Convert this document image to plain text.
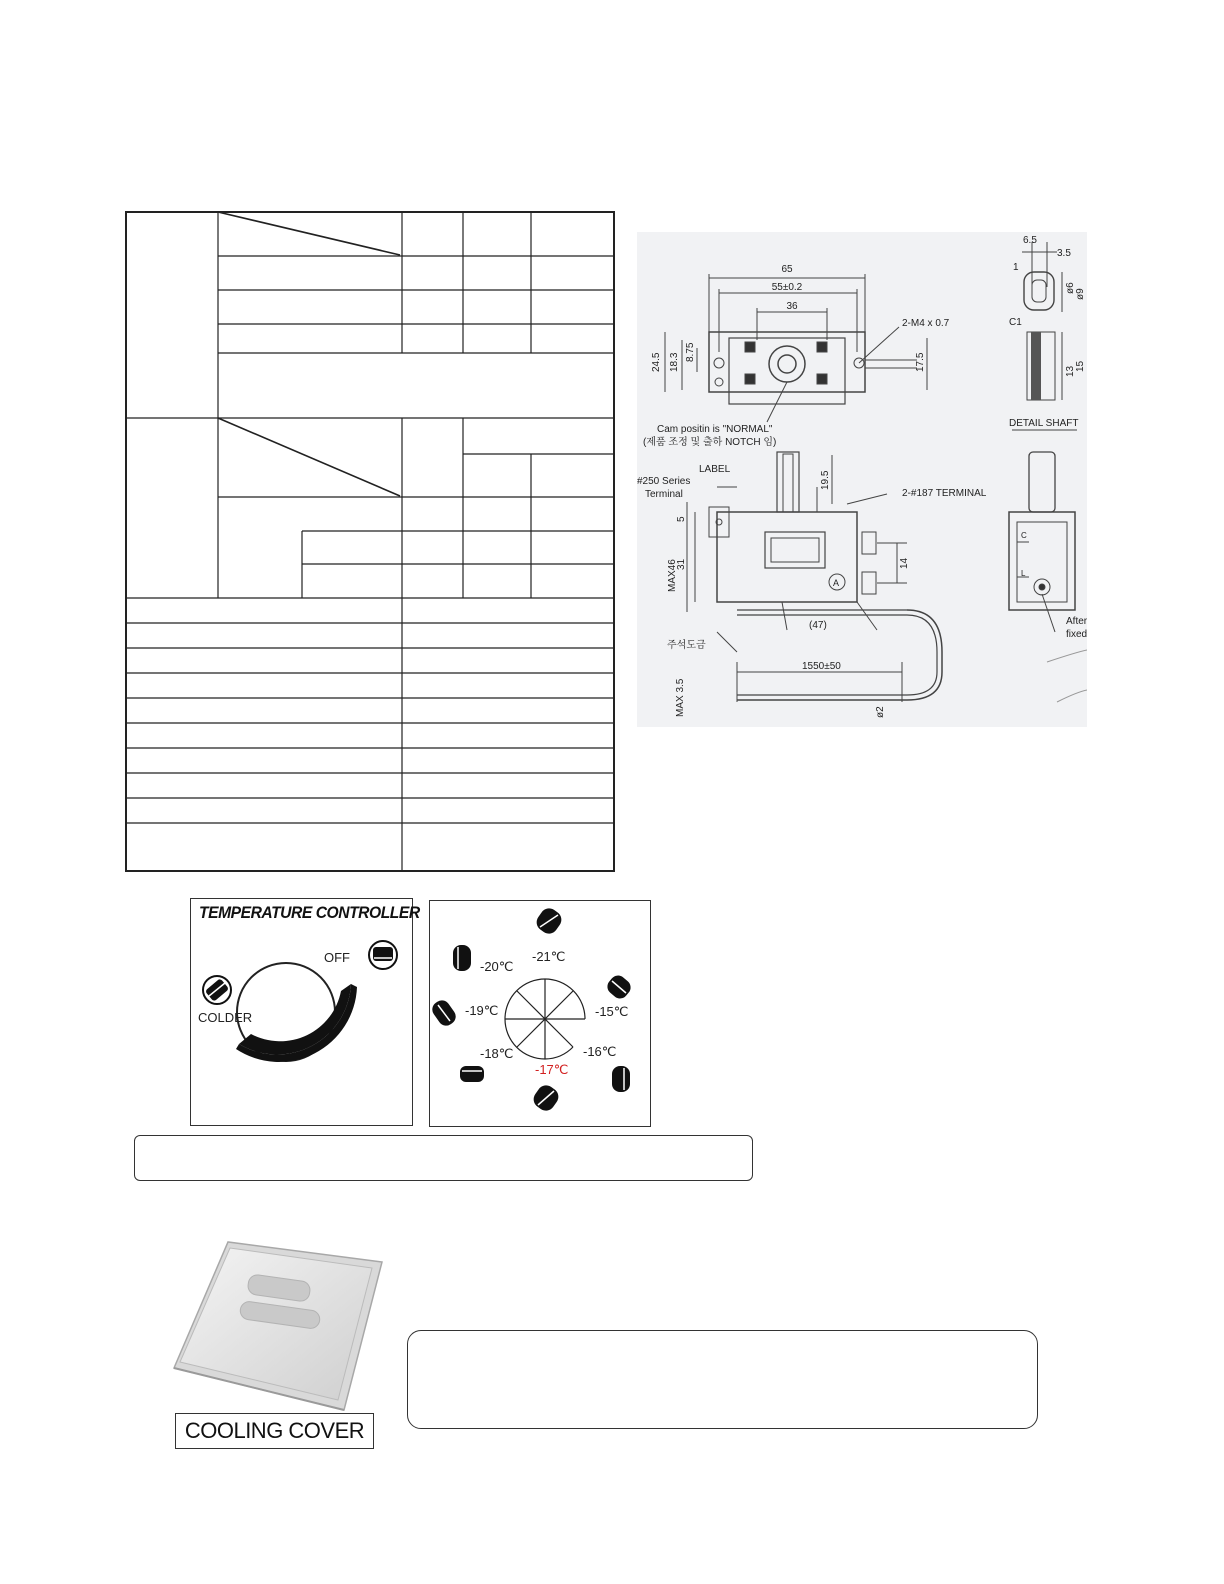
65
55±0.2
36
2-M4 x 0.7
24.5 18.3
8.75
17.5
Cam positin is "NORMAL"
(제품 조정 및 출하 NOTCH 임)
6.5
3.5
1
C1
ø6
ø9
13 15
DETAIL SHAFT
#250 Series
Terminal
LABEL
2-#187 TERMINAL
19.5
5
31
MAX46	14
(47)
A
주석도금
1550±50
MAX 3.5	ø2
After
fixed
C
L
TEMPERATURE CONTROLLER
OFF
COLDER
-21℃
-20℃
-19℃
-18℃
-17℃
-16℃
-15℃
COOLING COVER
